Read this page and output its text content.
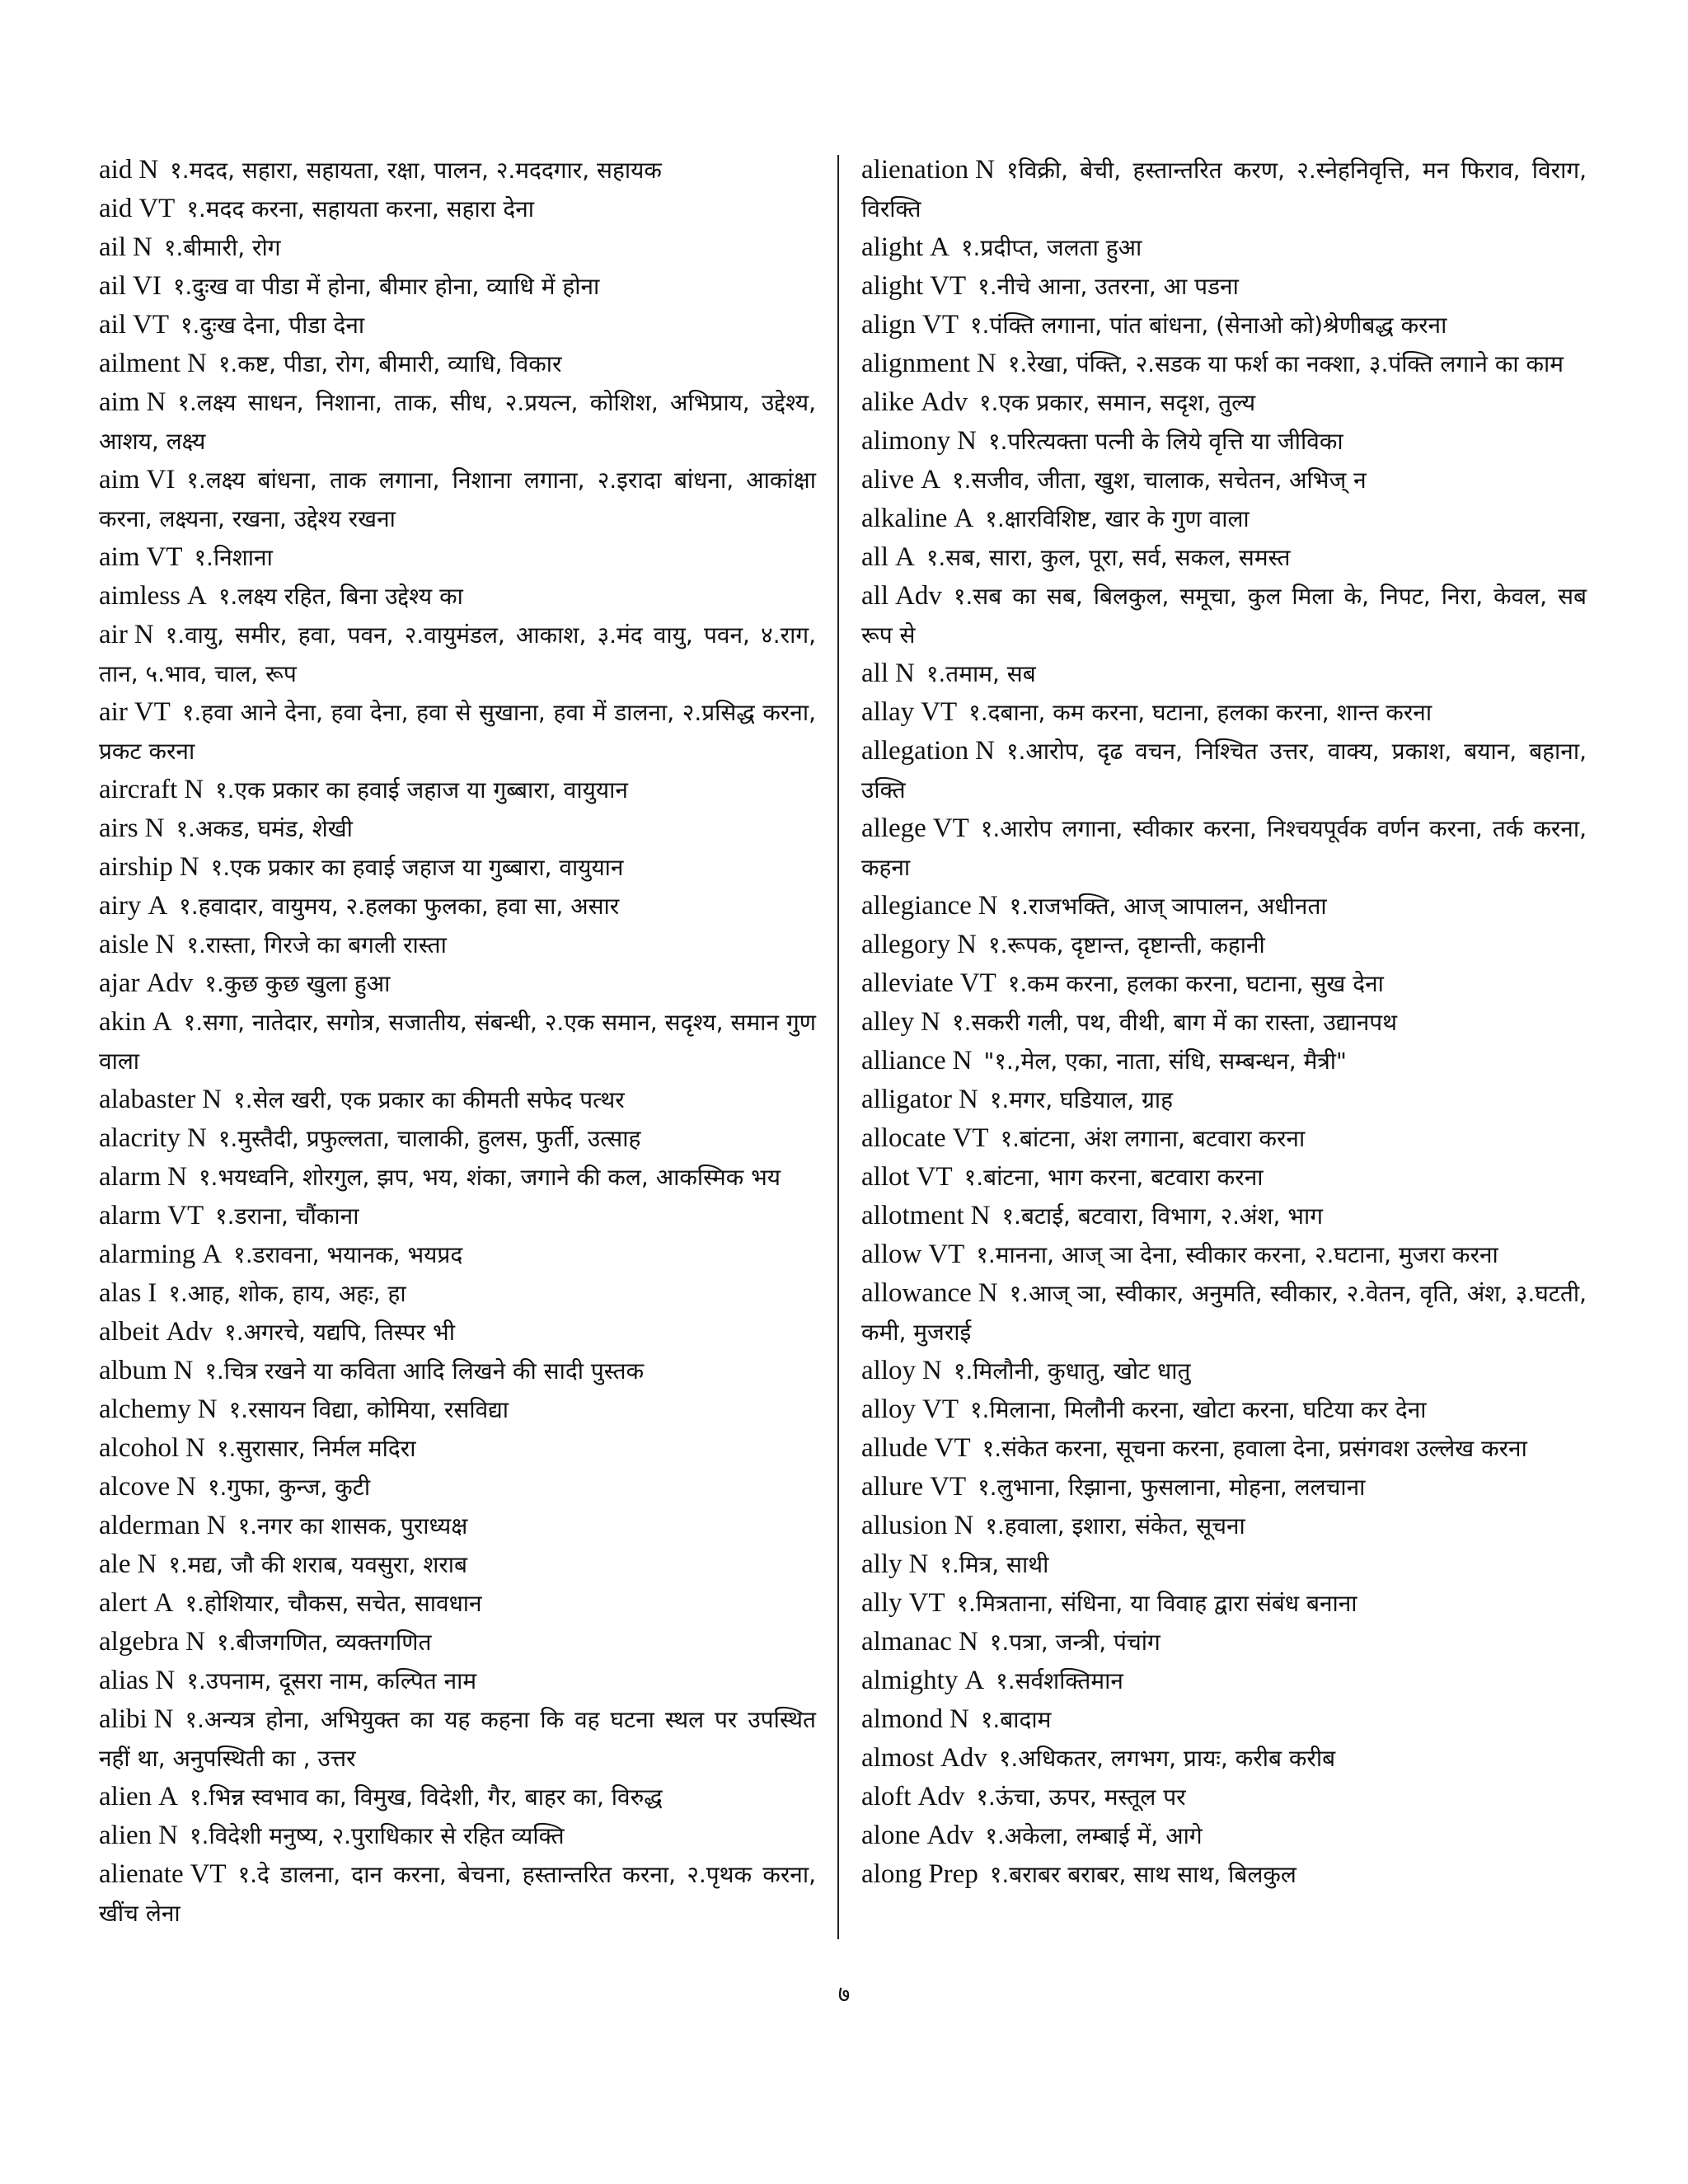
aid N १.मदद, सहारा, सहायता, रक्षा, पालन, २.मददगार, सहायक
aid VT १.मदद करना, सहायता करना, सहारा देना
ail N १.बीमारी, रोग
ail VI १.दुःख वा पीडा में होना, बीमार होना, व्याधि में होना
ail VT १.दुःख देना, पीडा देना
ailment N १.कष्ट, पीडा, रोग, बीमारी, व्याधि, विकार
aim N १.लक्ष्य साधन, निशाना, ताक, सीध, २.प्रयत्न, कोशिश, अभिप्राय, उद्देश्य, आशय, लक्ष्य
aim VI १.लक्ष्य बांधना, ताक लगाना, निशाना लगाना, २.इरादा बांधना, आकांक्षा करना, लक्ष्यना, रखना, उद्देश्य रखना
aim VT १.निशाना
aimless A १.लक्ष्य रहित, बिना उद्देश्य का
air N १.वायु, समीर, हवा, पवन, २.वायुमंडल, आकाश, ३.मंद वायु, पवन, ४.राग, तान, ५.भाव, चाल, रूप
air VT १.हवा आने देना, हवा देना, हवा से सुखाना, हवा में डालना, २.प्रसिद्ध करना, प्रकट करना
aircraft N १.एक प्रकार का हवाई जहाज या गुब्बारा, वायुयान
airs N १.अकड, घमंड, शेखी
airship N १.एक प्रकार का हवाई जहाज या गुब्बारा, वायुयान
airy A १.हवादार, वायुमय, २.हलका फुलका, हवा सा, असार
aisle N १.रास्ता, गिरजे का बगली रास्ता
ajar Adv १.कुछ कुछ खुला हुआ
akin A १.सगा, नातेदार, सगोत्र, सजातीय, संबन्धी, २.एक समान, सदृश्य, समान गुण वाला
alabaster N १.सेल खरी, एक प्रकार का कीमती सफेद पत्थर
alacrity N १.मुस्तैदी, प्रफुल्लता, चालाकी, हुलस, फुर्ती, उत्साह
alarm N १.भयध्वनि, शोरगुल, झप, भय, शंका, जगाने की कल, आकस्मिक भय
alarm VT १.डराना, चौंकाना
alarming A १.डरावना, भयानक, भयप्रद
alas I १.आह, शोक, हाय, अहः, हा
albeit Adv १.अगरचे, यद्यपि, तिस्पर भी
album N १.चित्र रखने या कविता आदि लिखने की सादी पुस्तक
alchemy N १.रसायन विद्या, कोमिया, रसविद्या
alcohol N १.सुरासार, निर्मल मदिरा
alcove N १.गुफा, कुन्ज, कुटी
alderman N १.नगर का शासक, पुराध्यक्ष
ale N १.मद्य, जौ की शराब, यवसुरा, शराब
alert A १.होशियार, चौकस, सचेत, सावधान
algebra N १.बीजगणित, व्यक्तगणित
alias N १.उपनाम, दूसरा नाम, कल्पित नाम
alibi N १.अन्यत्र होना, अभियुक्त का यह कहना कि वह घटना स्थल पर उपस्थित नहीं था, अनुपस्थिती का , उत्तर
alien A १.भिन्न स्वभाव का, विमुख, विदेशी, गैर, बाहर का, विरुद्ध
alien N १.विदेशी मनुष्य, २.पुराधिकार से रहित व्यक्ति
alienate VT १.दे डालना, दान करना, बेचना, हस्तान्तरित करना, २.पृथक करना, खींच लेना
alienation N १विक्री, बेची, हस्तान्तरित करण, २.स्नेहनिवृत्ति, मन फिराव, विराग, विरक्ति
alight A १.प्रदीप्त, जलता हुआ
alight VT १.नीचे आना, उतरना, आ पडना
align VT १.पंक्ति लगाना, पांत बांधना, (सेनाओ को)श्रेणीबद्ध करना
alignment N १.रेखा, पंक्ति, २.सडक या फर्श का नक्शा, ३.पंक्ति लगाने का काम
alike Adv १.एक प्रकार, समान, सदृश, तुल्य
alimony N १.परित्यक्ता पत्नी के लिये वृत्ति या जीविका
alive A १.सजीव, जीता, खुश, चालाक, सचेतन, अभिज् न
alkaline A १.क्षारविशिष्ट, खार के गुण वाला
all A १.सब, सारा, कुल, पूरा, सर्व, सकल, समस्त
all Adv १.सब का सब, बिलकुल, समूचा, कुल मिला के, निपट, निरा, केवल, सब रूप से
all N १.तमाम, सब
allay VT १.दबाना, कम करना, घटाना, हलका करना, शान्त करना
allegation N १.आरोप, दृढ वचन, निश्चित उत्तर, वाक्य, प्रकाश, बयान, बहाना, उक्ति
allege VT १.आरोप लगाना, स्वीकार करना, निश्चयपूर्वक वर्णन करना, तर्क करना, कहना
allegiance N १.राजभक्ति, आज् ञापालन, अधीनता
allegory N १.रूपक, दृष्टान्त, दृष्टान्ती, कहानी
alleviate VT १.कम करना, हलका करना, घटाना, सुख देना
alley N १.सकरी गली, पथ, वीथी, बाग में का रास्ता, उद्यानपथ
alliance N "१.,मेल, एका, नाता, संधि, सम्बन्धन, मैत्री"
alligator N १.मगर, घडियाल, ग्राह
allocate VT १.बांटना, अंश लगाना, बटवारा करना
allot VT १.बांटना, भाग करना, बटवारा करना
allotment N १.बटाई, बटवारा, विभाग, २.अंश, भाग
allow VT १.मानना, आज् ञा देना, स्वीकार करना, २.घटाना, मुजरा करना
allowance N १.आज् ञा, स्वीकार, अनुमति, स्वीकार, २.वेतन, वृति, अंश, ३.घटती, कमी, मुजराई
alloy N १.मिलौनी, कुधातु, खोट धातु
alloy VT १.मिलाना, मिलौनी करना, खोटा करना, घटिया कर देना
allude VT १.संकेत करना, सूचना करना, हवाला देना, प्रसंगवश उल्लेख करना
allure VT १.लुभाना, रिझाना, फुसलाना, मोहना, ललचाना
allusion N १.हवाला, इशारा, संकेत, सूचना
ally N १.मित्र, साथी
ally VT १.मित्रताना, संधिना, या विवाह द्वारा संबंध बनाना
almanac N १.पत्रा, जन्त्री, पंचांग
almighty A १.सर्वशक्तिमान
almond N १.बादाम
almost Adv १.अधिकतर, लगभग, प्रायः, करीब करीब
aloft Adv १.ऊंचा, ऊपर, मस्तूल पर
alone Adv १.अकेला, लम्बाई में, आगे
along Prep १.बराबर बराबर, साथ साथ, बिलकुल
७
